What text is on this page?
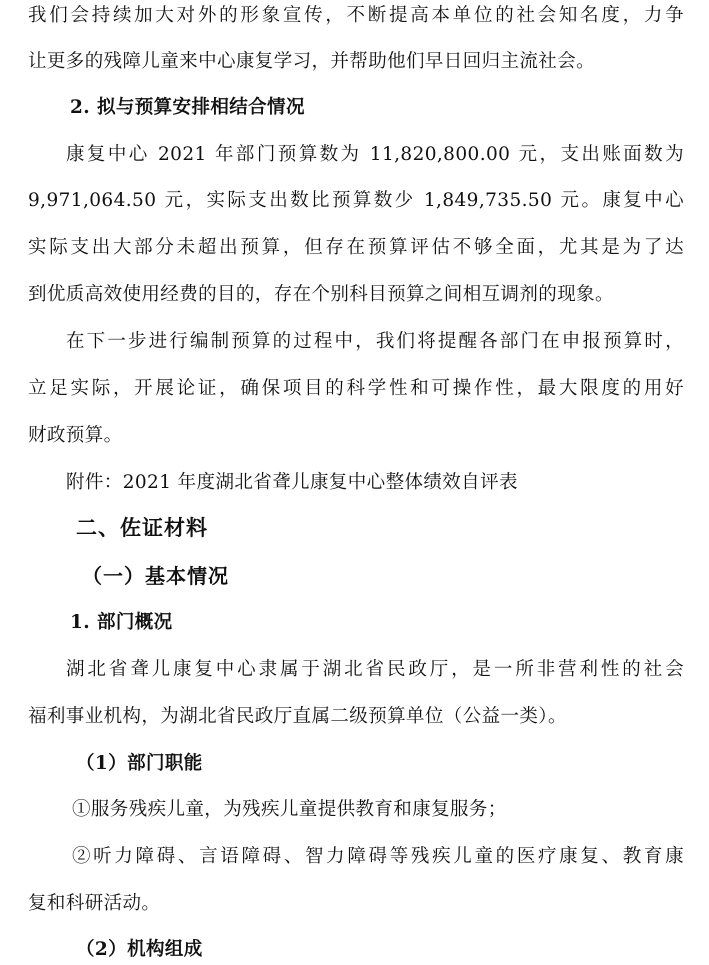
我们会持续加大对外的形象宣传，不断提高本单位的社会知名度，力争
让更多的残障儿童来中心康复学习，并帮助他们早日回归主流社会。
2. 拟与预算安排相结合情况
康复中心 2021 年部门预算数为 11,820,800.00 元，支出账面数为
9,971,064.50 元，实际支出数比预算数少 1,849,735.50 元。康复中心
实际支出大部分未超出预算，但存在预算评估不够全面，尤其是为了达
到优质高效使用经费的目的，存在个别科目预算之间相互调剂的现象。
在下一步进行编制预算的过程中，我们将提醒各部门在申报预算时，
立足实际，开展论证，确保项目的科学性和可操作性，最大限度的用好
财政预算。
附件：2021 年度湖北省聋儿康复中心整体绩效自评表
二、佐证材料
（一）基本情况
1. 部门概况
湖北省聋儿康复中心隶属于湖北省民政厅，是一所非营利性的社会
福利事业机构，为湖北省民政厅直属二级预算单位（公益一类）。
（1）部门职能
①服务残疾儿童，为残疾儿童提供教育和康复服务；
②听力障碍、言语障碍、智力障碍等残疾儿童的医疗康复、教育康
复和科研活动。
（2）机构组成
